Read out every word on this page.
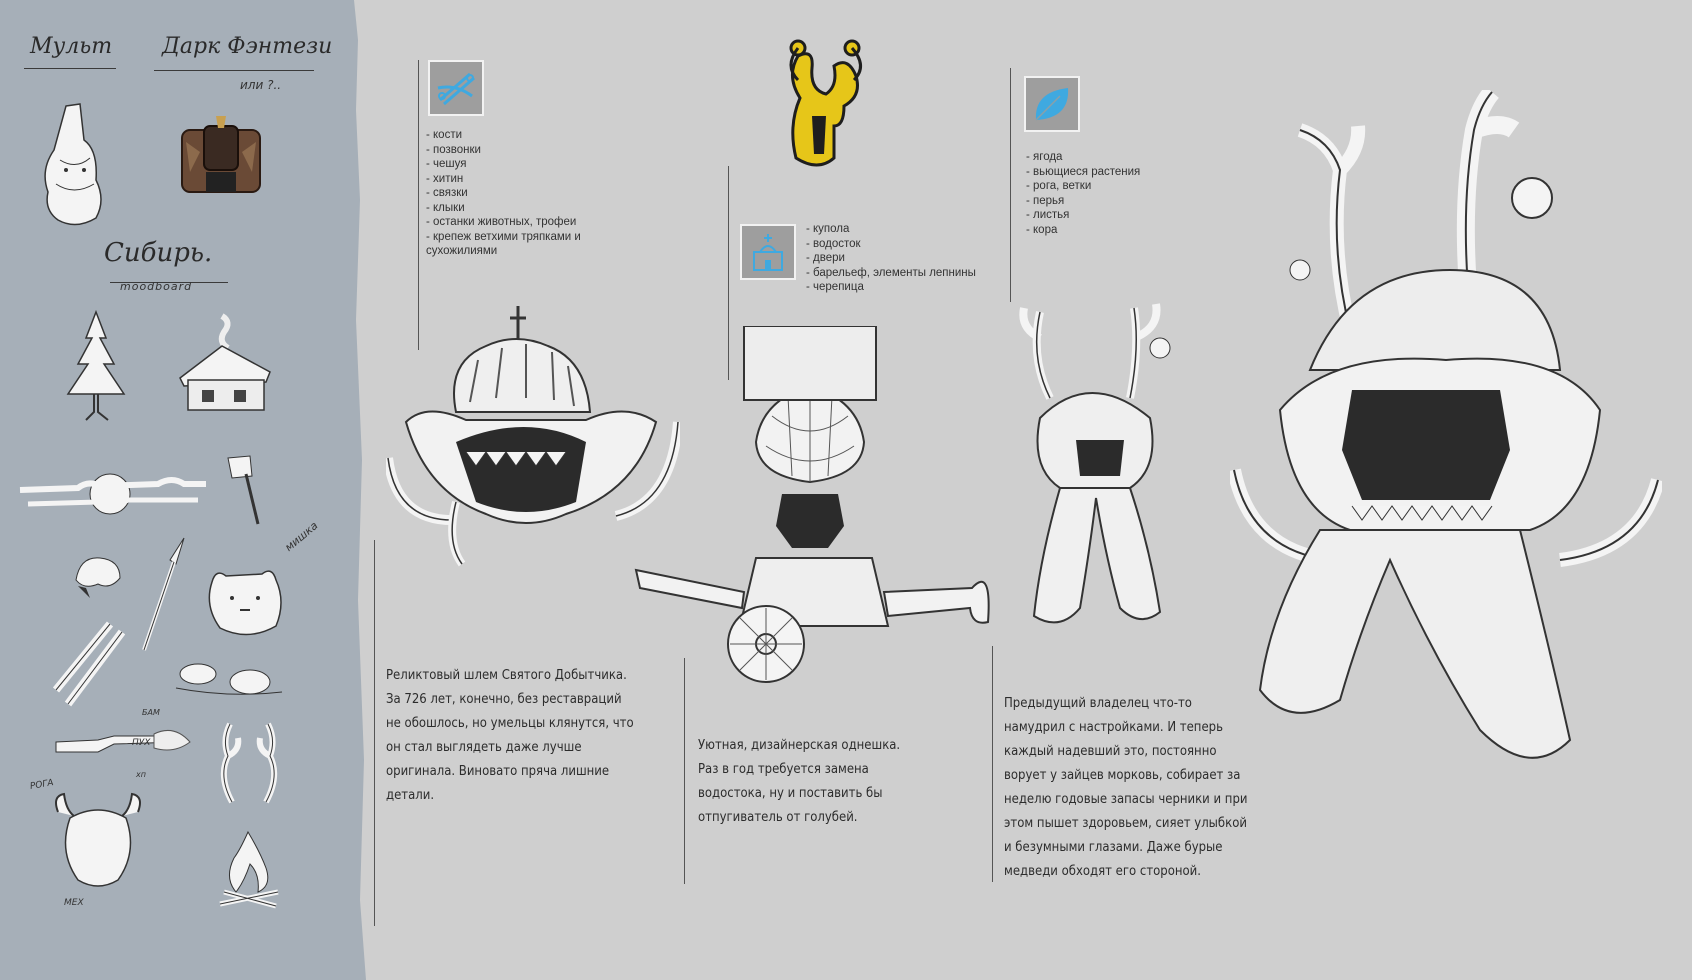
Мульт Дарк Фэнтези
или ?..
Сибирь.
moodboard
мишка
БАМ
ПУХ
хп
РОГА
МЕХ
- кости
- позвонки
- чешуя
- хитин
- связки
- клыки
- останки животных, трофеи
- крепеж ветхими тряпками и сухожилиями
Реликтовый шлем Святого Добытчика. За 726 лет, конечно, без реставраций не обошлось, но умельцы клянутся, что он стал выглядеть даже лучше оригинала. Виновато пряча лишние детали.
- купола
- водосток
- двери
- барельеф, элементы лепнины
- черепица
Уютная, дизайнерская однешка. Раз в год требуется замена водостока, ну и поставить бы отпугиватель от голубей.
- ягода
- вьющиеся растения
- рога, ветки
- перья
- листья
- кора
Предыдущий владелец что-то намудрил с настройками. И теперь каждый надевший это, постоянно ворует у зайцев морковь, собирает за неделю годовые запасы черники и при этом пышет здоровьем, сияет улыбкой и безумными глазами. Даже бурые медведи обходят его стороной.
